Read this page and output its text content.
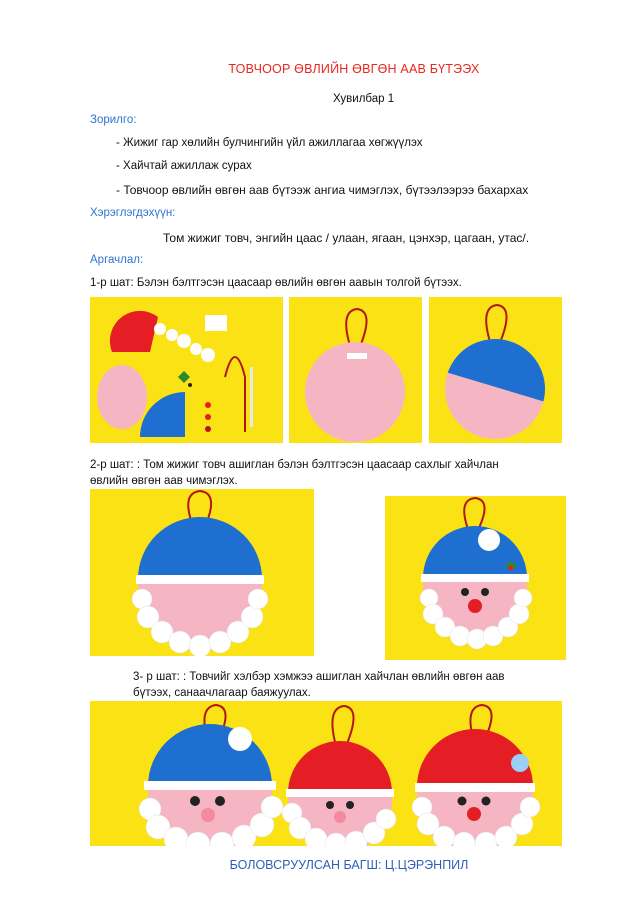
ТОВЧООР ӨВЛИЙН ӨВГӨН ААВ БҮТЭЭХ
Хувилбар 1
Зорилго:
- Жижиг гар хөлийн булчингийн үйл ажиллагаа хөгжүүлэх
- Хайчтай ажиллаж сурах
- Товчоор өвлийн өвгөн аав бүтээж ангиа чимэглэх, бүтээлээрээ бахархах
Хэрэглэгдэхүүн:
Том жижиг товч, энгийн цаас / улаан, ягаан, цэнхэр, цагаан, утас/.
Аргачлал:
1-р шат: Бэлэн бэлтгэсэн цаасаар өвлийн өвгөн аавын толгой бүтээх.
2-р шат: : Том жижиг товч ашиглан бэлэн бэлтгэсэн цаасаар сахлыг хайчлан
өвлийн өвгөн аав чимэглэх.
3- р шат: : Товчийг хэлбэр хэмжээ ашиглан хайчлан өвлийн өвгөн аав
бүтээх, санаачлагаар баяжуулах.
БОЛОВСРУУЛСАН БАГШ: Ц.ЦЭРЭНПИЛ
